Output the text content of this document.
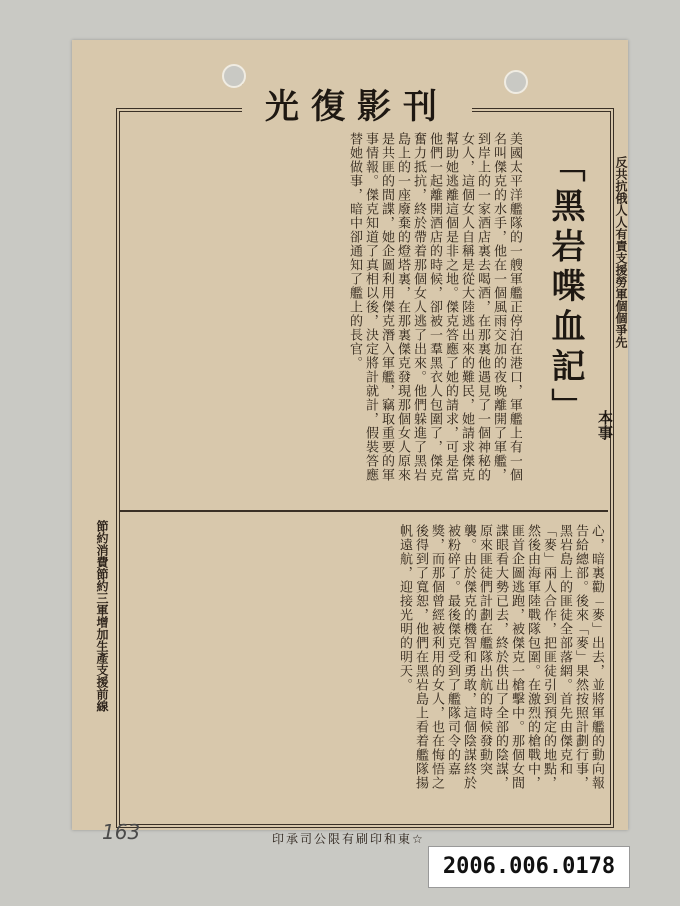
光復影刊
「黑岩喋血記」 本事
反共抗俄人人有責支援勞軍個個爭先
節約消費節約三軍增加生產支援前線
美國太平洋艦隊的一艘軍艦正停泊在港口，軍艦上有一個名叫傑克的水手，他在一個風雨交加的夜晚離開了軍艦，到岸上的一家酒店裏去喝酒，在那裏他遇見了一個神秘的女人，這個女人自稱是從大陸逃出來的難民，她請求傑克幫助她逃離這個是非之地。傑克答應了她的請求，可是當他們一起離開酒店的時候，卻被一羣黑衣人包圍了，傑克奮力抵抗，終於帶着那個女人逃了出來。他們躲進了黑岩島上的一座廢棄的燈塔裏，在那裏傑克發現那個女人原來是共匪的間諜，她企圖利用傑克潛入軍艦，竊取重要的軍事情報。傑克知道了真相以後，決定將計就計，假裝答應替她做事，暗中卻通知了艦上的長官。
心，暗裏勸「麥」出去，並將軍艦的動向報告給總部。後來「麥」果然按照計劃行事，黑岩島上的匪徒全部落網。首先由傑克和「麥」兩人合作，把匪徒引到預定的地點，然後由海軍陸戰隊包圍。在激烈的槍戰中，匪首企圖逃跑，被傑克一槍擊中。那個女間諜眼看大勢已去，終於供出了全部的陰謀，原來匪徒們計劃在艦隊出航的時候發動突襲。由於傑克的機智和勇敢，這個陰謀終於被粉碎了。最後傑克受到了艦隊司令的嘉獎，而那個曾經被利用的女人，也在悔悟之後得到了寬恕，他們在黑岩島上看着艦隊揚帆遠航，迎接光明的明天。
印承司公限有刷印和東☆
163
2006.006.0178
